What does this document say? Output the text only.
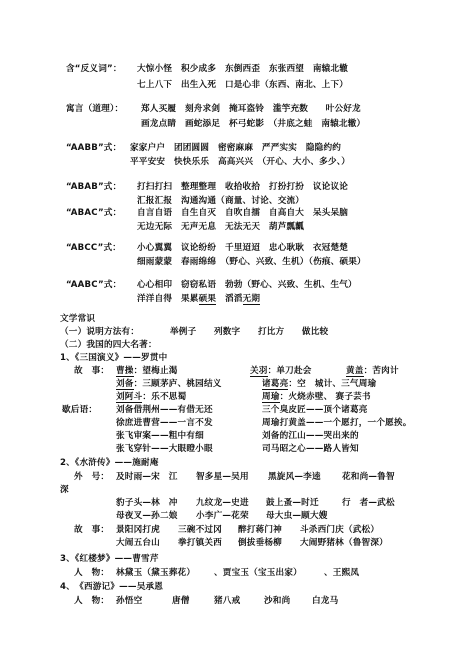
含“反义词”： 大惊小怪　积少成多　东倒西歪　东张西望　南辕北辙
七上八下　出生入死　口是心非（东西、南北、上下）
寓言（道理）： 郑人买履　刻舟求剑　掩耳盗铃　滥竽充数　　叶公好龙
画龙点睛　画蛇添足　杯弓蛇影　（井底之蛙　南辕北辙）
“AABB”式： 家家户户　团团圆圆　密密麻麻　严严实实　隐隐约约
平平安安　快快乐乐　高高兴兴　（开心、大小、多少、）
“ABAB”式： 打扫打扫　整理整理　收拾收拾　打扮打扮　议论议论
汇报汇报　沟通沟通（商量、讨论、交流）
“ABAC”式： 自言自语　自生自灭　自吹自擂　自高自大　呆头呆脑
无边无际　无声无息　无法无天　葫芦瓢瓤
“ABCC”式： 小心翼翼　议论纷纷　千里迢迢　忠心耿耿　衣冠楚楚
细雨蒙蒙　春雨绵绵　（野心、兴致、生机）（伤痕、硕果）
“AABC”式： 心心相印　窃窃私语　勃勃（野心、兴致、生机、生气）
洋洋自得　果累硕果　滔滔无期
文学常识
（一）说明方法有：	举例子　　列数字　　打比方　　做比较
（二）我国的四大名著：
1、《三国演义》——罗贯中
故　事： 曹操：望梅止渴	关羽：单刀赴会	黄盖：苦肉计
刘备：三顾茅庐、桃园结义	诸葛亮：空　城计、三气周瑜
刘阿斗：乐不思蜀	周瑜：火烧赤壁、 赛子芸书
歇后语： 刘备借荆州——有借无还	三个臭皮匠——顶个诸葛亮
徐庶进曹营——一言不发	周瑜打黄盖——一个愿打，一个愿挨。
张飞审案——粗中有细	刘备的江山——哭出来的
张飞穿针——大眼瞪小眼	司马昭之心——路人皆知
2、《水浒传》——施耐庵
外　号： 及时雨—宋　江 智多星—吴用 黑旋风—李逵 花和尚—鲁智
深
豹子头—林　冲 九纹龙—史进 鼓上蚤—时迁	行　者—武松
母夜叉—孙二娘 小李广—花荣 母大虫—顾大嫂
故　事： 景阳冈打虎 三碗不过冈 醉打蒋门神 斗杀西门庆（武松）
大闹五台山 拳打镇关西 倒拔垂杨柳 大闹野猪林（鲁智深）
3、《红楼梦》——曹雪芹
人　物： 林黛玉（黛玉葬花） 、贾宝玉（宝玉出家）	、王熙凤
4、　《西游记》——吴承恩
人　物： 孙悟空	唐僧	猪八戒	沙和尚	白龙马
